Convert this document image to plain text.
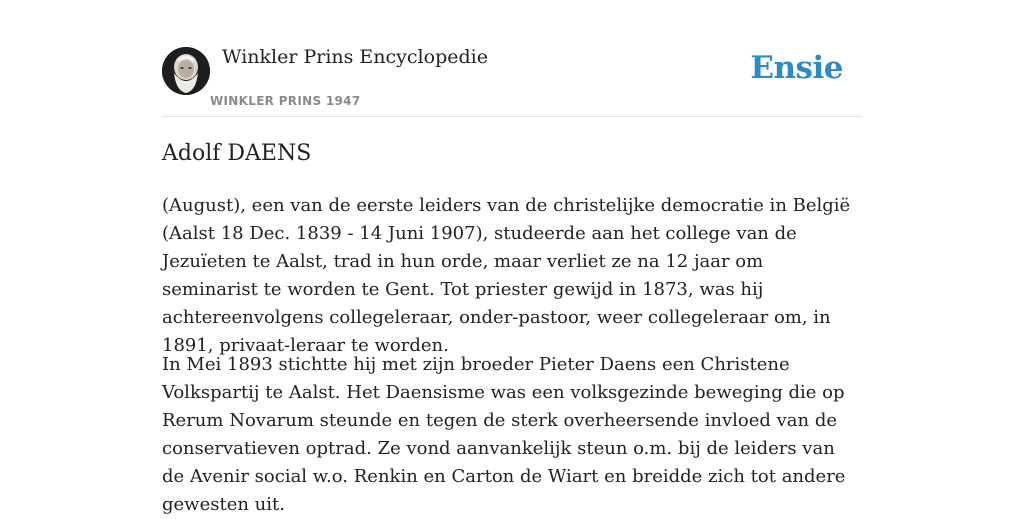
Winkler Prins Encyclopedie
WINKLER PRINS 1947
Ensie
Adolf DAENS

(August), een van de eerste leiders van de christelijke democratie in België (Aalst 18 Dec. 1839 - 14 Juni 1907), studeerde aan het college van de Jezuïeten te Aalst, trad in hun orde, maar verliet ze na 12 jaar om seminarist te worden te Gent. Tot priester gewijd in 1873, was hij achtereenvolgens collegeleraar, onder-pastoor, weer collegeleraar om, in 1891, privaat-leraar te worden.

In Mei 1893 stichtte hij met zijn broeder Pieter Daens een Christene Volkspartij te Aalst. Het Daensisme was een volksgezinde beweging die op Rerum Novarum steunde en tegen de sterk overheersende invloed van de conservatieven optrad. Ze vond aanvankelijk steun o.m. bij de leiders van de Avenir social w.o. Renkin en Carton de Wiart en breidde zich tot andere gewesten uit.
